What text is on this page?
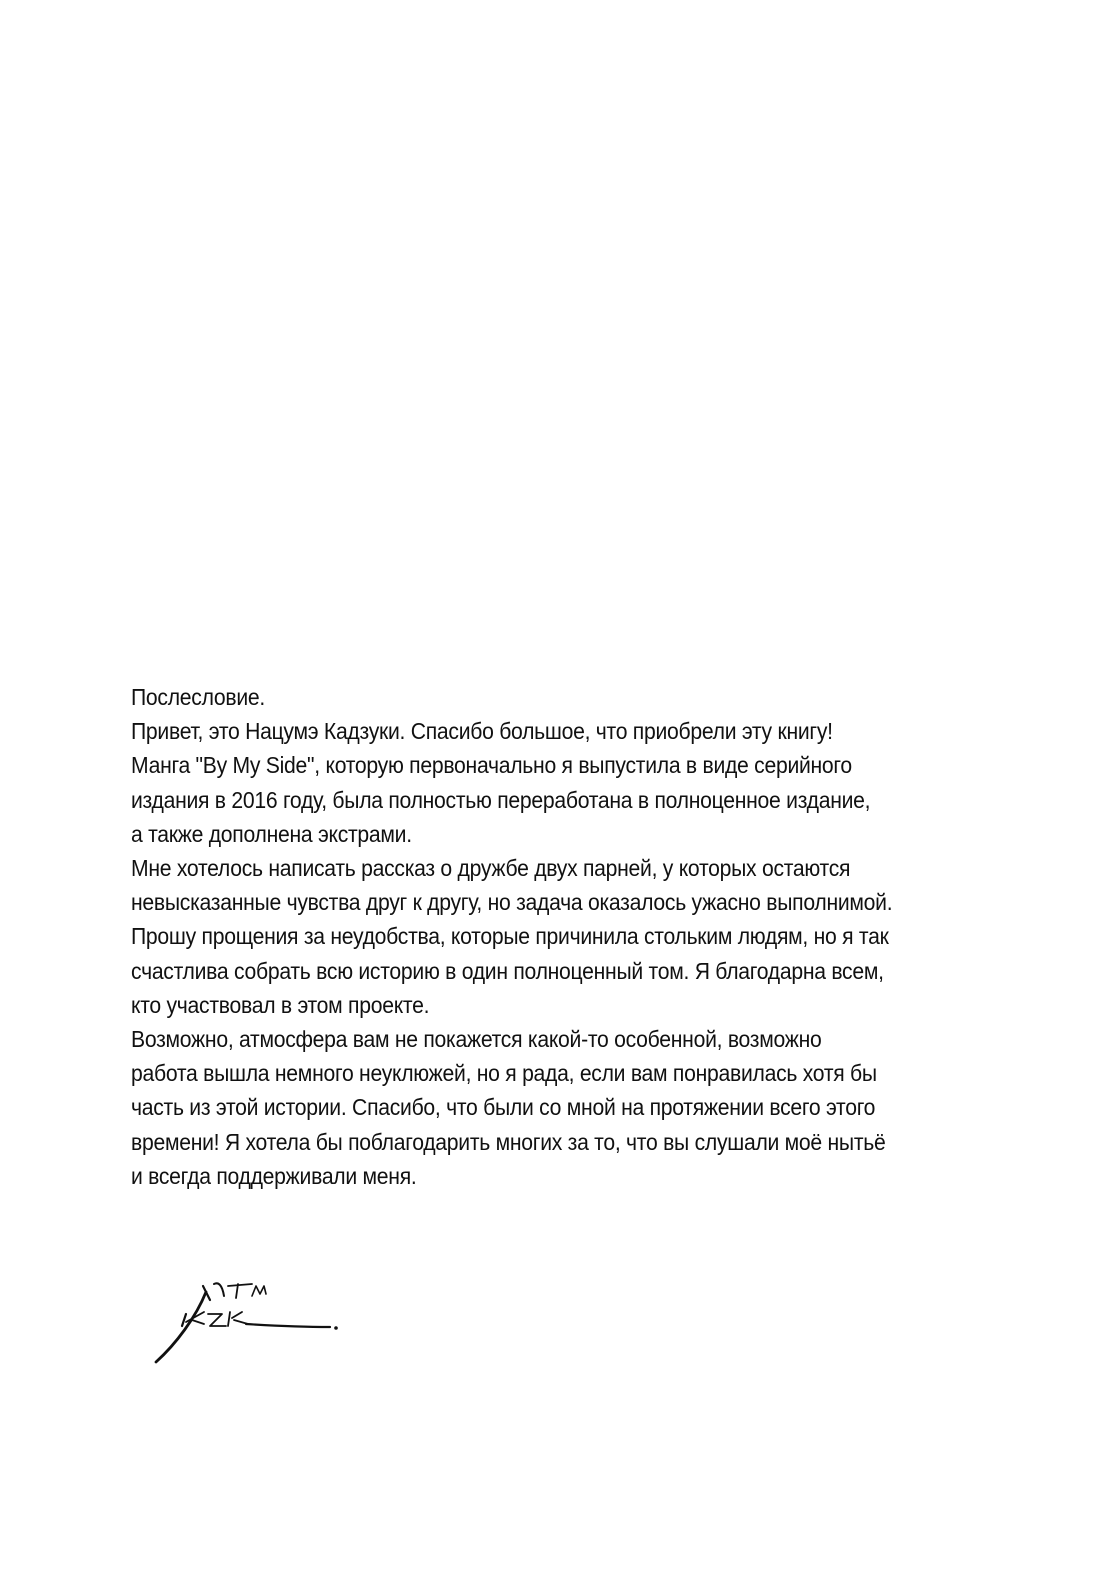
Послесловие.
Привет, это Нацумэ Кадзуки. Спасибо большое, что приобрели эту книгу!
Манга "By My Side", которую первоначально я выпустила в виде серийного
издания в 2016 году, была полностью переработана в полноценное издание,
а также дополнена экстрами.
Мне хотелось написать рассказ о дружбе двух парней, у которых остаются
невысказанные чувства друг к другу, но задача оказалось ужасно выполнимой.
Прошу прощения за неудобства, которые причинила стольким людям, но я так
счастлива собрать всю историю в один полноценный том. Я благодарна всем,
кто участвовал в этом проекте.
Возможно, атмосфера вам не покажется какой-то особенной, возможно
работа вышла немного неуклюжей, но я рада, если вам понравилась хотя бы
часть из этой истории. Спасибо, что были со мной на протяжении всего этого
времени! Я хотела бы поблагодарить многих за то, что вы слушали моё нытьё
и всегда поддерживали меня.
